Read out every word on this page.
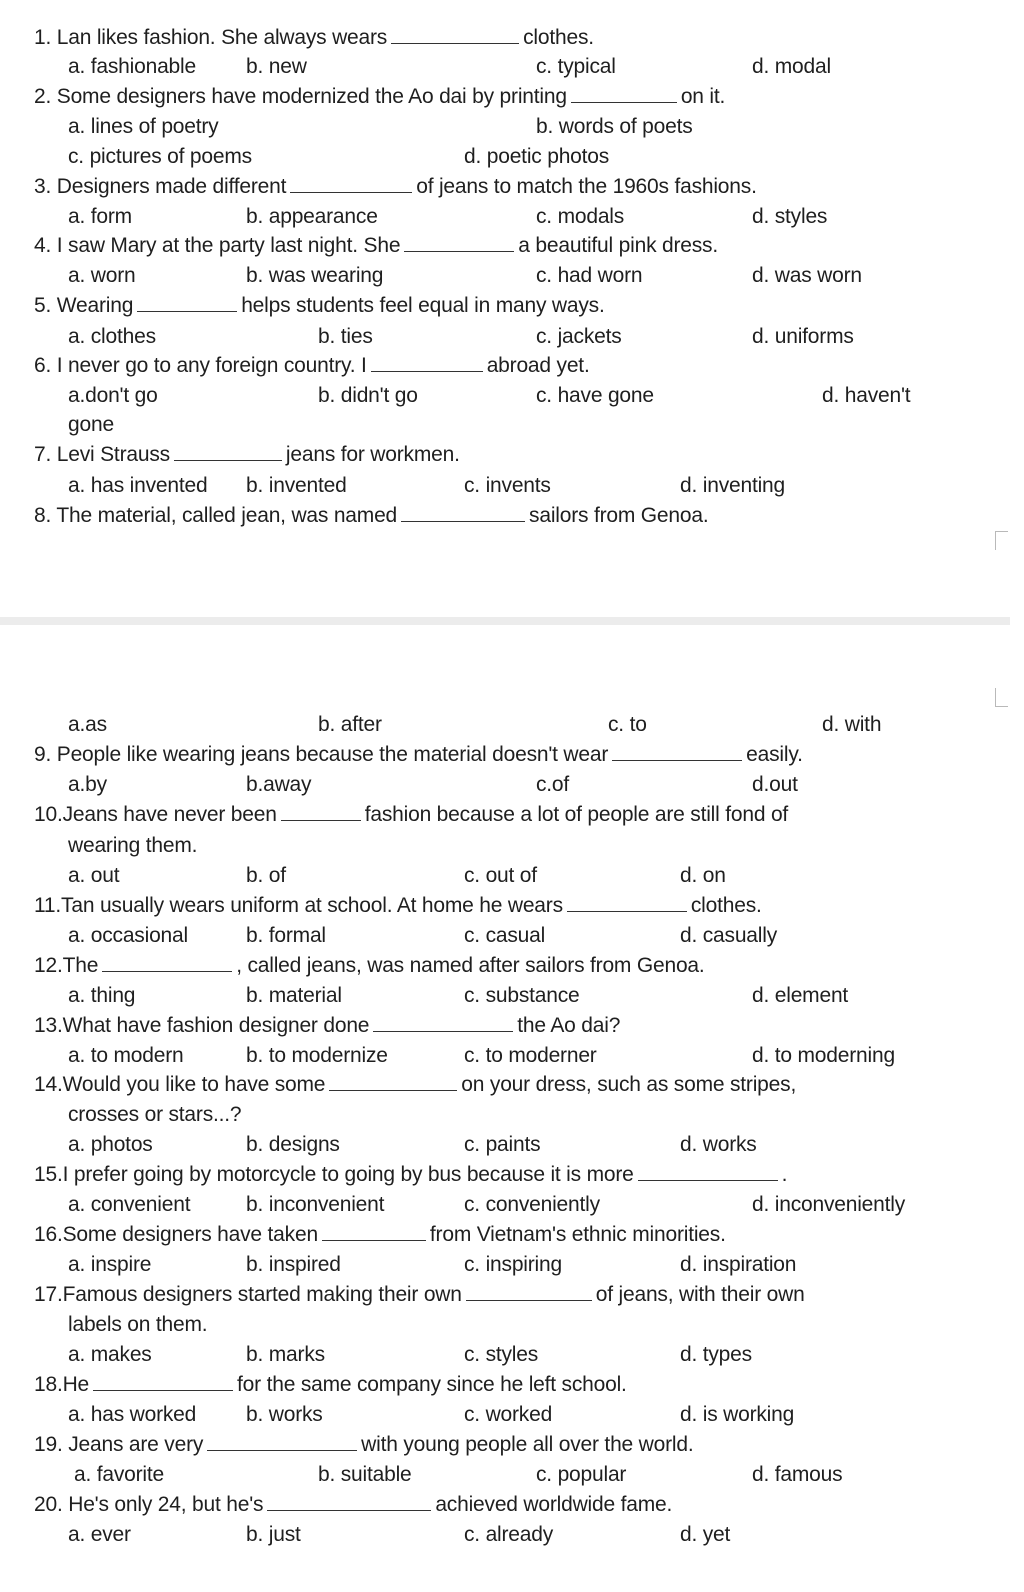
1. Lan likes fashion. She always wears	clothes.
a. fashionable b. new	c. typical	d. modal
2. Some designers have modernized the Ao dai by printing	on it.
a. lines of poetry	b. words of poets
c. pictures of poems	d. poetic photos
3. Designers made different	of jeans to match the 1960s fashions.
a. form	b. appearance	c. modals	d. styles
4. I saw Mary at the party last night. She	a beautiful pink dress.
a. worn	b. was wearing	c. had worn	d. was worn
5. Wearing	helps students feel equal in many ways.
a. clothes	b. ties	c. jackets	d. uniforms
6. I never go to any foreign country. I	abroad yet.
a.don't go	b. didn't go	c. have gone	d. haven't
gone
7. Levi Strauss	jeans for workmen.
a. has invented b. invented	c. invents	d. inventing
8. The material, called jean, was named	sailors from Genoa.
a.as	b. after	c. to	d. with
9. People like wearing jeans because the material doesn't wear	easily.
a.by	b.away	c.of	d.out
10.Jeans have never been	fashion because a lot of people are still fond of
wearing them.
a. out	b. of	c. out of	d. on
11.Tan usually wears uniform at school. At home he wears	clothes.
a. occasional	b. formal	c. casual	d. casually
12.The	, called jeans, was named after sailors from Genoa.
a. thing	b. material	c. substance	d. element
13.What have fashion designer done	the Ao dai?
a. to modern	b. to modernize	c. to moderner	d. to moderning
14.Would you like to have some	on your dress, such as some stripes,
crosses or stars...?
a. photos	b. designs	c. paints	d. works
15.I prefer going by motorcycle to going by bus because it is more	.
a. convenient	b. inconvenient	c. conveniently	d. inconveniently
16.Some designers have taken	from Vietnam's ethnic minorities.
a. inspire	b. inspired	c. inspiring	d. inspiration
17.Famous designers started making their own	of jeans, with their own
labels on them.
a. makes	b. marks	c. styles	d. types
18.He	for the same company since he left school.
a. has worked b. works	c. worked	d. is working
19. Jeans are very	with young people all over the world.
a. favorite	b. suitable	c. popular	d. famous
20. He's only 24, but he's	achieved worldwide fame.
a. ever	b. just	c. already	d. yet
